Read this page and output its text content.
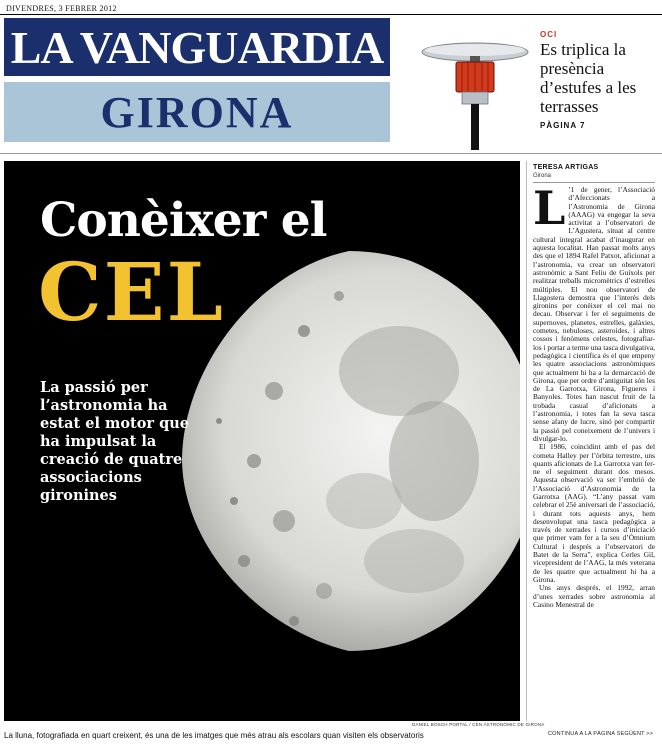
DIVENDRES, 3 FEBRER 2012
LA VANGUARDIA
GIRONA
OCI
Es triplica la presència d’estufes a les terrasses
PÀGINA 7
Conèixer el
CEL
La passió per l’astronomia ha estat el motor que ha impulsat la creació de quatre associacions gironines
DANIEL BOSCH PORTAL / CEN ASTRONÒMIC DE GIRONA
La lluna, fotografiada en quart creixent, és una de les imatges que més atrau als escolars quan visiten els observatoris
TERESA ARTIGAS
Girona

L ’1 de gener, l’Associació d’Afeccionats a l’Astronomia de Girona (AAAG) va engegar la seva activitat a l’observatori de L’Agustera, situat al centre cultural integral acabat d’inaugurar en aquesta localitat. Han passat molts anys des que el 1894 Rafel Patxot, aficionat a l’astronomia, va crear un observatori astronòmic a Sant Feliu de Guíxols per realitzar treballs micromètrics d’estrelles múltiples. El nou observatori de Llagostera demostra que l’interès dels gironins per conèixer el cel mai no decau. Observar i fer el seguiments de supernoves, planetes, estrelles, galàxies, cometes, nebuloses, asteroides, i altres cossos i fenòmens celestes, fotografiar-los i portar a terme una tasca divulgativa, pedagògica i científica és el que empeny les quatre associacions astronòmiques que actualment hi ha a la demarcació de Girona, que per ordre d’antiguitat són les de La Garrotxa, Girona, Figueres i Banyoles. Totes han nascut fruit de la trobada casual d’aficionats a l’astronomia, i totes fan la seva tasca sense afany de lucre, sinó per compartir la passió pel coneixement de l’univers i divulgar-lo.

El 1986, coincidint amb el pas del cometa Halley per l’òrbita terrestre, uns quants aficionats de La Garrotxa van fer-ne el seguiment durant dos mesos. Aquesta observació va ser l’embrió de l’Associació d’Astronomia de la Garrotxa (AAG). “L’any passat vam celebrar el 25è aniversari de l’associació, i durant tots aquests anys, hem desenvolupat una tasca pedagògica a través de xerrades i cursos d’iniciació que primer vam fer a la seu d’Òmnium Cultural i després a l’observatori de Batet de la Serra”, explica Cerles Gil, vicepresident de l’AAG, la més veterana de les quatre que actualment hi ha a Girona.

Uns anys després, el 1992, arran d’unes xerrades sobre astronomia al Casino Menestral de

CONTINUA A LA PÀGINA SEGÜENT >>
